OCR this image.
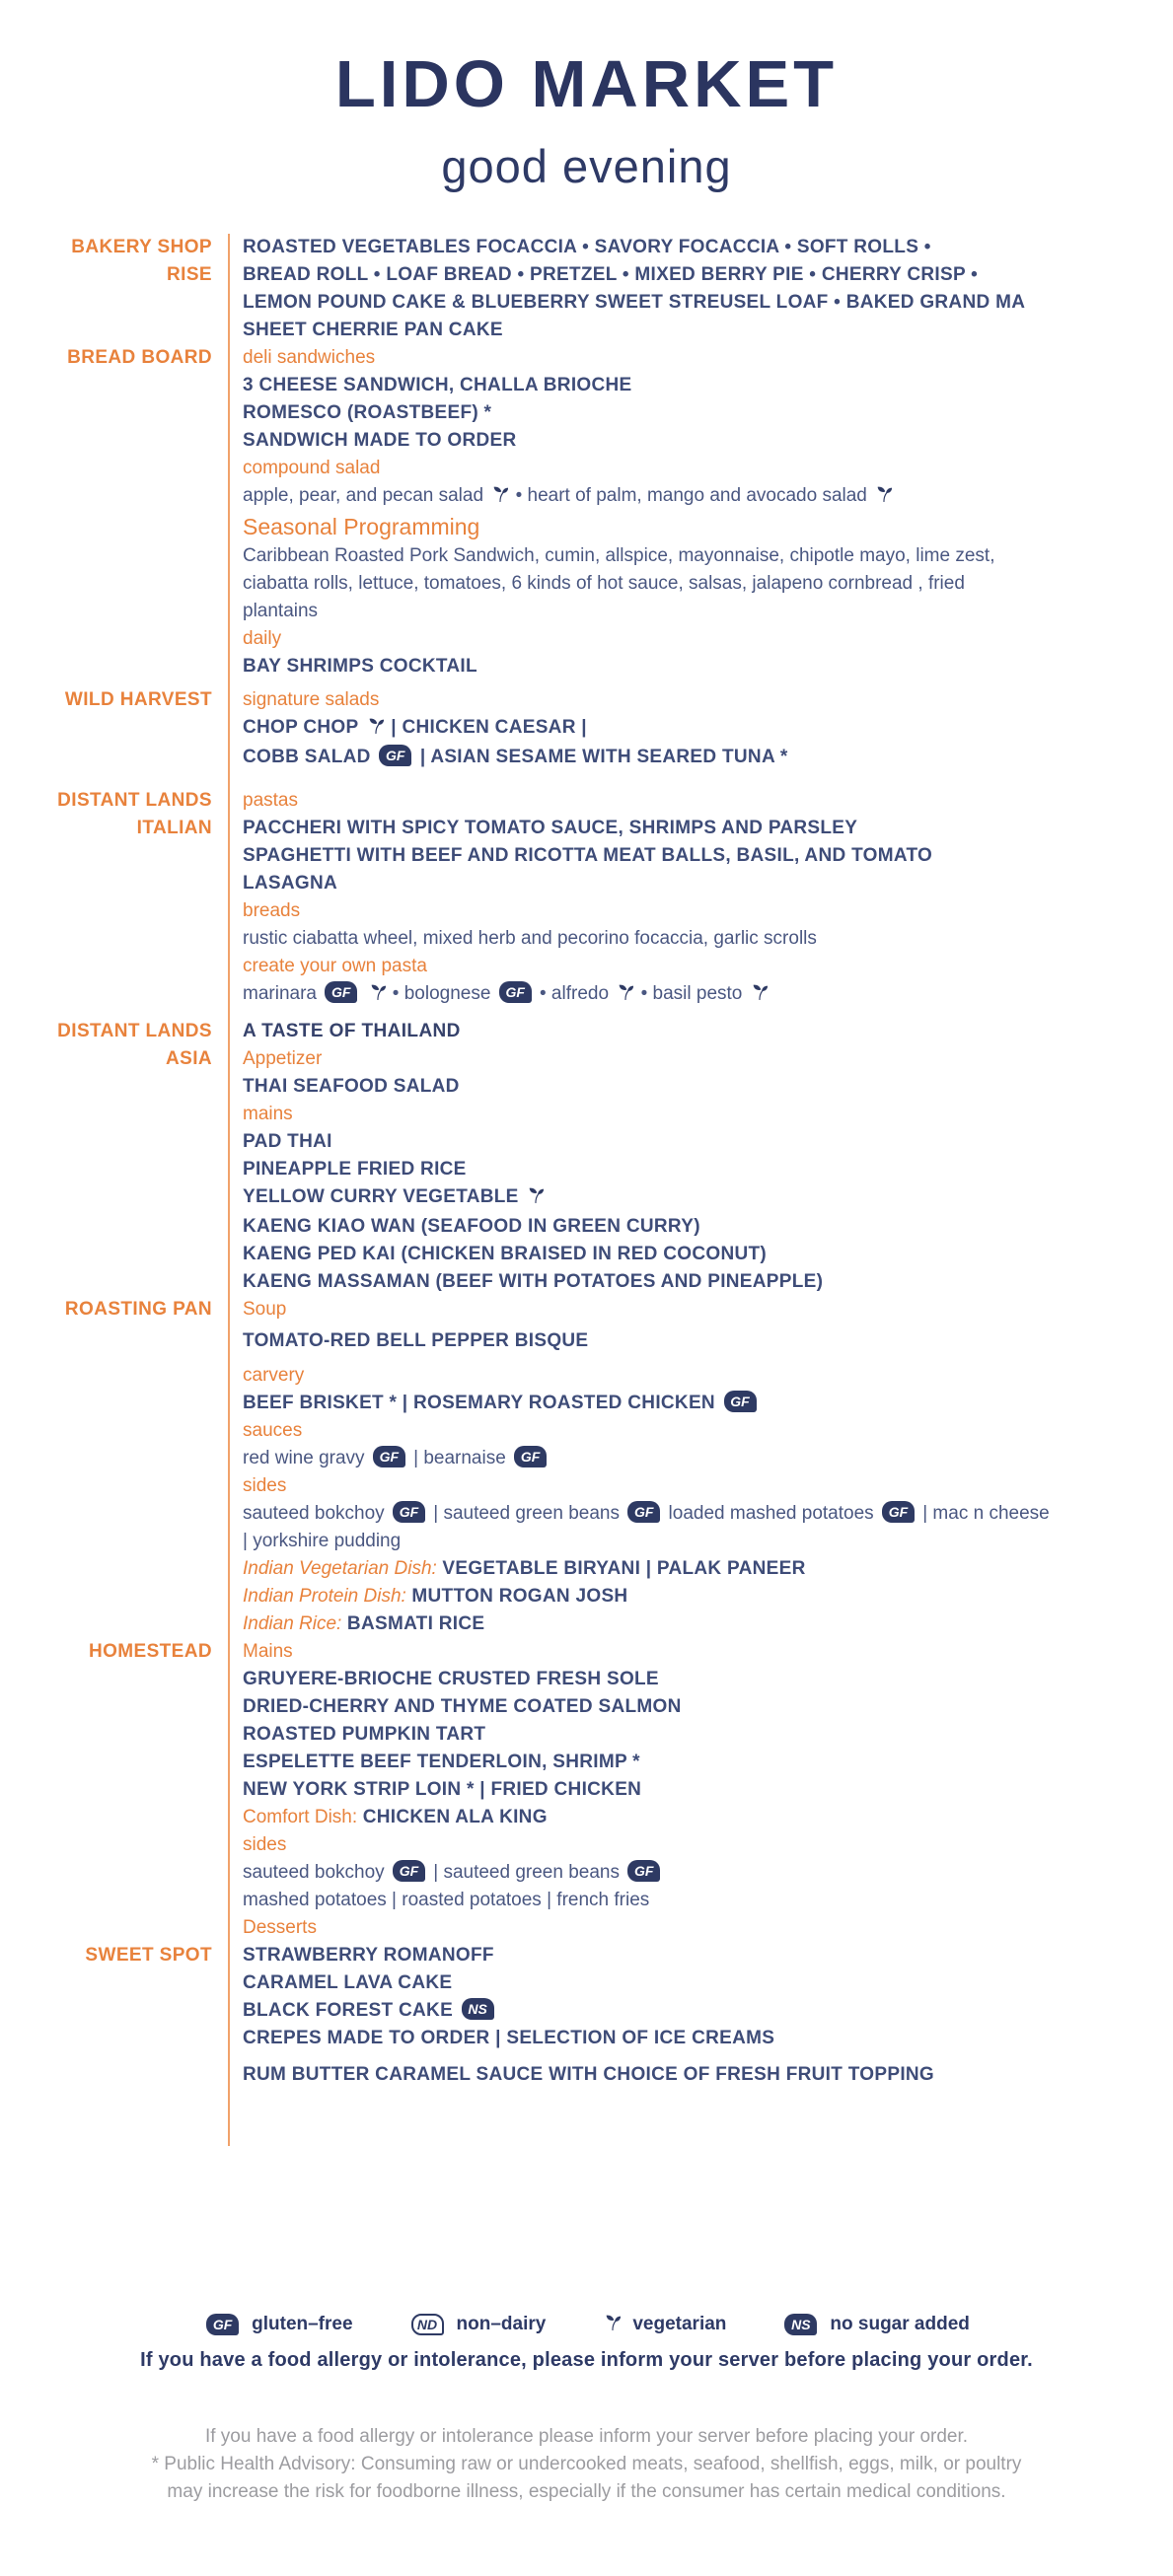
LIDO MARKET
good evening
BAKERY SHOP
RISE
ROASTED VEGETABLES FOCACCIA • SAVORY FOCACCIA • SOFT ROLLS •
BREAD ROLL • LOAF BREAD • PRETZEL • MIXED BERRY PIE • CHERRY CRISP •
LEMON POUND CAKE & BLUEBERRY SWEET STREUSEL LOAF • BAKED GRAND MA
SHEET CHERRIE PAN CAKE
BREAD BOARD deli sandwiches
3 CHEESE SANDWICH, CHALLA BRIOCHE
ROMESCO (ROASTBEEF) *
SANDWICH MADE TO ORDER
compound salad
apple, pear, and pecan salad  • heart of palm, mango and avocado salad
Seasonal Programming
Caribbean Roasted Pork Sandwich, cumin, allspice, mayonnaise, chipotle mayo, lime zest,
ciabatta rolls, lettuce, tomatoes, 6 kinds of hot sauce, salsas, jalapeno cornbread , fried
plantains
daily
BAY SHRIMPS COCKTAIL
WILD HARVEST signature salads
CHOP CHOP  | CHICKEN CAESAR |
COBB SALAD GF | ASIAN SESAME WITH SEARED TUNA *
DISTANT LANDS
ITALIAN
pastas
PACCHERI WITH SPICY TOMATO SAUCE, SHRIMPS AND PARSLEY
SPAGHETTI WITH BEEF AND RICOTTA MEAT BALLS, BASIL, AND TOMATO
LASAGNA
breads
rustic ciabatta wheel, mixed herb and pecorino focaccia, garlic scrolls
create your own pasta
marinara GF  • bolognese GF • alfredo  • basil pesto
DISTANT LANDS
ASIA
A TASTE OF THAILAND
Appetizer
THAI SEAFOOD SALAD
mains
PAD THAI
PINEAPPLE FRIED RICE
YELLOW CURRY VEGETABLE
KAENG KIAO WAN (SEAFOOD IN GREEN CURRY)
KAENG PED KAI (CHICKEN BRAISED IN RED COCONUT)
KAENG MASSAMAN (BEEF WITH POTATOES AND PINEAPPLE)
ROASTING PAN Soup
TOMATO-RED BELL PEPPER BISQUE
carvery
BEEF BRISKET * | ROSEMARY ROASTED CHICKEN GF
sauces
red wine gravy GF | bearnaise GF
sides
sauteed bokchoy GF | sauteed green beans GF loaded mashed potatoes GF | mac n cheese
| yorkshire pudding
Indian Vegetarian Dish: VEGETABLE BIRYANI | PALAK PANEER
Indian Protein Dish: MUTTON ROGAN JOSH
Indian Rice: BASMATI RICE
HOMESTEAD Mains
GRUYERE-BRIOCHE CRUSTED FRESH SOLE
DRIED-CHERRY AND THYME COATED SALMON
ROASTED PUMPKIN TART
ESPELETTE BEEF TENDERLOIN, SHRIMP *
NEW YORK STRIP LOIN * | FRIED CHICKEN
Comfort Dish: CHICKEN ALA KING
sides
sauteed bokchoy GF | sauteed green beans GF
mashed potatoes | roasted potatoes | french fries
Desserts
SWEET SPOT STRAWBERRY ROMANOFF
CARAMEL LAVA CAKE
BLACK FOREST CAKE NS
CREPES MADE TO ORDER | SELECTION OF ICE CREAMS
RUM BUTTER CARAMEL SAUCE WITH CHOICE OF FRESH FRUIT TOPPING
GF	gluten–free	ND	non–dairy	vegetarian	NS	no sugar added
If you have a food allergy or intolerance, please inform your server before placing your order.
If you have a food allergy or intolerance please inform your server before placing your order.
* Public Health Advisory: Consuming raw or undercooked meats, seafood, shellfish, eggs, milk, or poultry
may increase the risk for foodborne illness, especially if the consumer has certain medical conditions.
